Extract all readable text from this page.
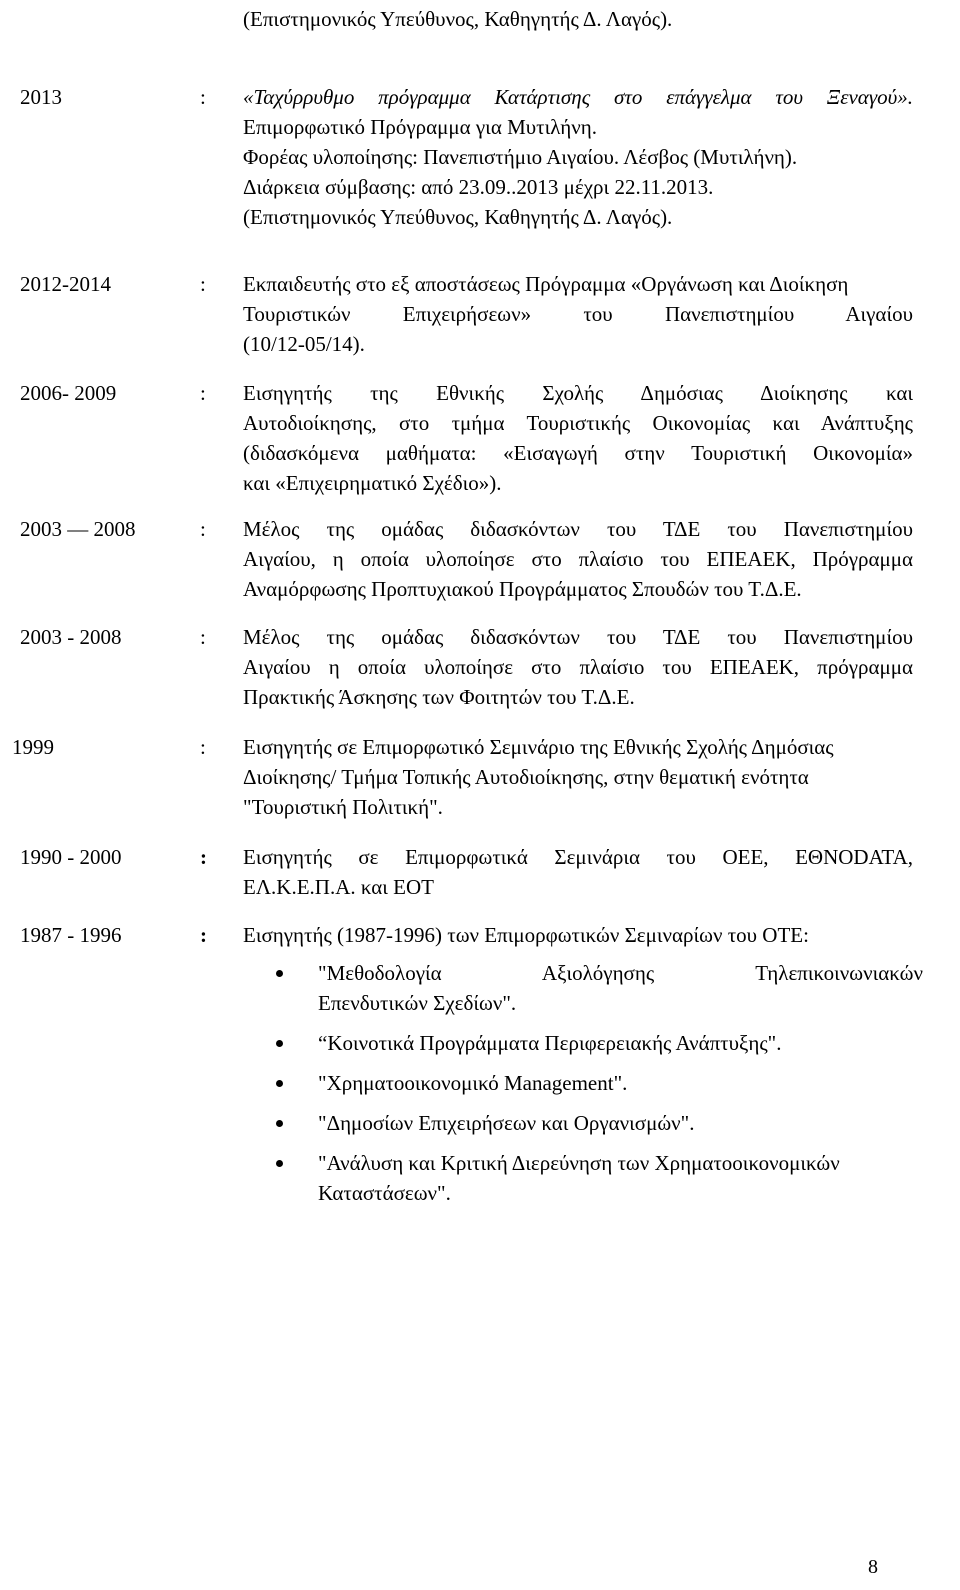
(Επιστημονικός Υπεύθυνος, Καθηγητής Δ. Λαγός).
2013	: «Ταχύρρυθμο πρόγραμμα Κατάρτισης στο επάγγελμα του Ξεναγού».
Επιμορφωτικό Πρόγραμμα για Μυτιλήνη.
Φορέας υλοποίησης: Πανεπιστήμιο Αιγαίου. Λέσβος (Μυτιλήνη).
Διάρκεια σύμβασης: από 23.09..2013 μέχρι 22.11.2013.
(Επιστημονικός Υπεύθυνος, Καθηγητής Δ. Λαγός).
2012-2014	: Εκπαιδευτής στο εξ αποστάσεως Πρόγραμμα «Οργάνωση και Διοίκηση
Τουριστικών Επιχειρήσεων» του Πανεπιστημίου Αιγαίου
(10/12-05/14).
2006- 2009	: Εισηγητής της Εθνικής Σχολής Δημόσιας Διοίκησης και
Αυτοδιοίκησης, στο τμήμα Τουριστικής Οικονομίας και Ανάπτυξης
(διδασκόμενα μαθήματα: «Εισαγωγή στην Τουριστική Οικονομία»
και «Επιχειρηματικό Σχέδιο»).
2003 ― 2008	: Μέλος της ομάδας διδασκόντων του ΤΔΕ του Πανεπιστημίου
Αιγαίου, η οποία υλοποίησε στο πλαίσιο του ΕΠΕΑΕΚ, Πρόγραμμα
Αναμόρφωσης Προπτυχιακού Προγράμματος Σπουδών του Τ.Δ.Ε.
2003 - 2008	: Μέλος της ομάδας διδασκόντων του ΤΔΕ του Πανεπιστημίου
Αιγαίου η οποία υλοποίησε στο πλαίσιο του ΕΠΕΑΕΚ, πρόγραμμα
Πρακτικής Άσκησης των Φοιτητών του Τ.Δ.Ε.
1999	: Εισηγητής σε Επιμορφωτικό Σεμινάριο της Εθνικής Σχολής Δημόσιας
Διοίκησης/ Τμήμα Τοπικής Αυτοδιοίκησης, στην θεματική ενότητα
"Τουριστική Πολιτική".
1990 - 2000	: Εισηγητής σε Επιμορφωτικά Σεμινάρια του ΟΕΕ, ΕΘΝODATA,
ΕΛ.Κ.Ε.Π.Α. και ΕΟΤ
1987 - 1996	: Εισηγητής (1987-1996) των Επιμορφωτικών Σεμιναρίων του ΟΤΕ:
"Μεθοδολογία Αξιολόγησης Τηλεπικοινωνιακών
Επενδυτικών Σχεδίων".
“Κοινοτικά Προγράμματα Περιφερειακής Ανάπτυξης".
"Χρηματοοικονομικό Management".
"Δημοσίων Επιχειρήσεων και Οργανισμών".
"Ανάλυση και Κριτική Διερεύνηση των Χρηματοοικονομικών
Καταστάσεων".
8
